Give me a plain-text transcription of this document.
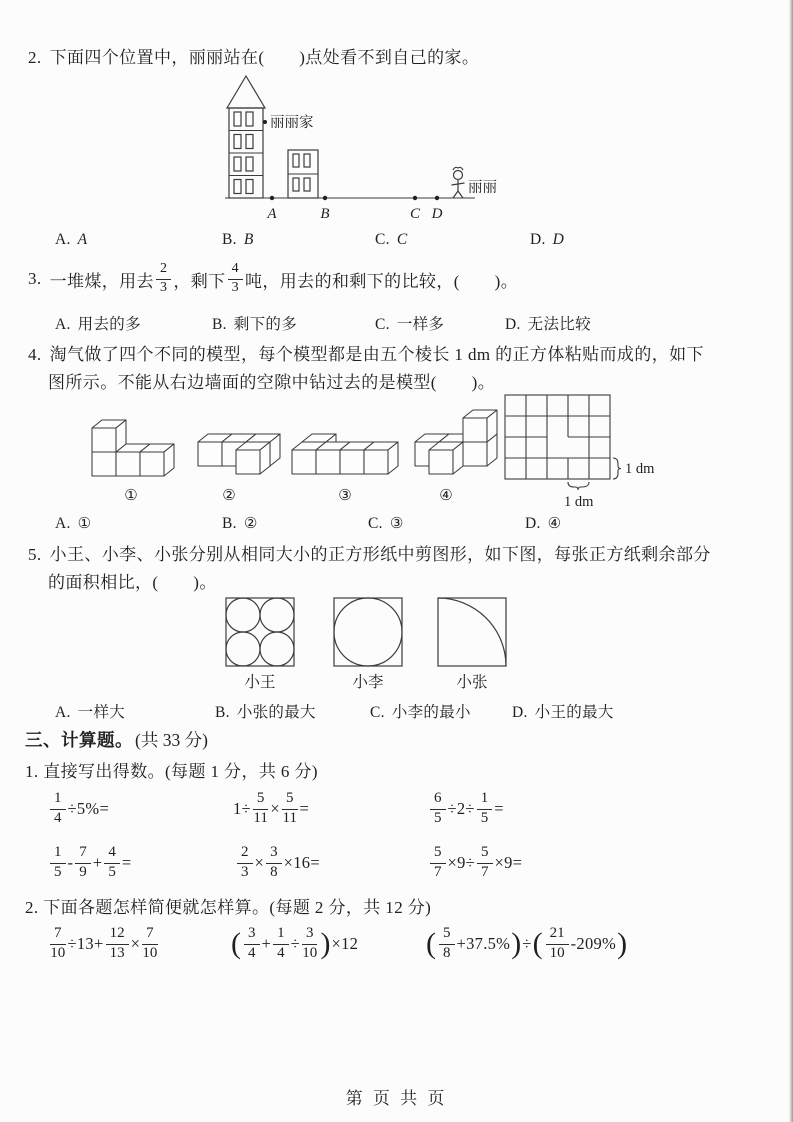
2. 下面四个位置中，丽丽站在(　　)点处看不到自己的家。
丽丽家
A	B	C D
丽丽
A. A	B. B	C. C	D. D
3. 一堆煤，用去 $\frac{2}{3}$ ，剩下 $\frac{4}{3}$ 吨，用去的和剩下的比较，(　　)。
A. 用去的多	B. 剩下的多	C. 一样多	D. 无法比较
4. 淘气做了四个不同的模型，每个模型都是由五个棱长 1 dm 的正方体粘贴而成的，如下
图所示。不能从右边墙面的空隙中钻过去的是模型(　　)。
①	②	③	④
1 dm
1 dm
A. ①	B. ②	C. ③	D. ④
5. 小王、小李、小张分别从相同大小的正方形纸中剪图形，如下图，每张正方纸剩余部分
的面积相比，(　　)。
小王	小李	小张
A. 一样大	B. 小张的最大	C. 小李的最小	D. 小王的最大
三、计算题。 (共 33 分)
1. 直接写出得数。(每题 1 分，共 6 分)
$\frac{1}{4} \div 5\%=$	$1\div \frac{5}{11} \times \frac{5}{11}$ =	$\frac{6}{5} \div 2\div \frac{1}{5}$ =
$\frac{1}{5} - \frac{7}{9} + \frac{4}{5}$ =	$\frac{2}{3} \times \frac{3}{8} \times 16=$	$\frac{5}{7} \times 9\div \frac{5}{7} \times 9=$
2. 下面各题怎样简便就怎样算。(每题 2 分，共 12 分)
$\frac{7}{10} \div 13+ \frac{12}{13} \times \frac{7}{10}$ ( $\frac{3}{4} + \frac{1}{4} \div \frac{3}{10}$ ) ×12 ( $\frac{5}{8} +37.5\%$ ) ÷ ( $\frac{21}{10} -209\%$ )
第 页 共 页
